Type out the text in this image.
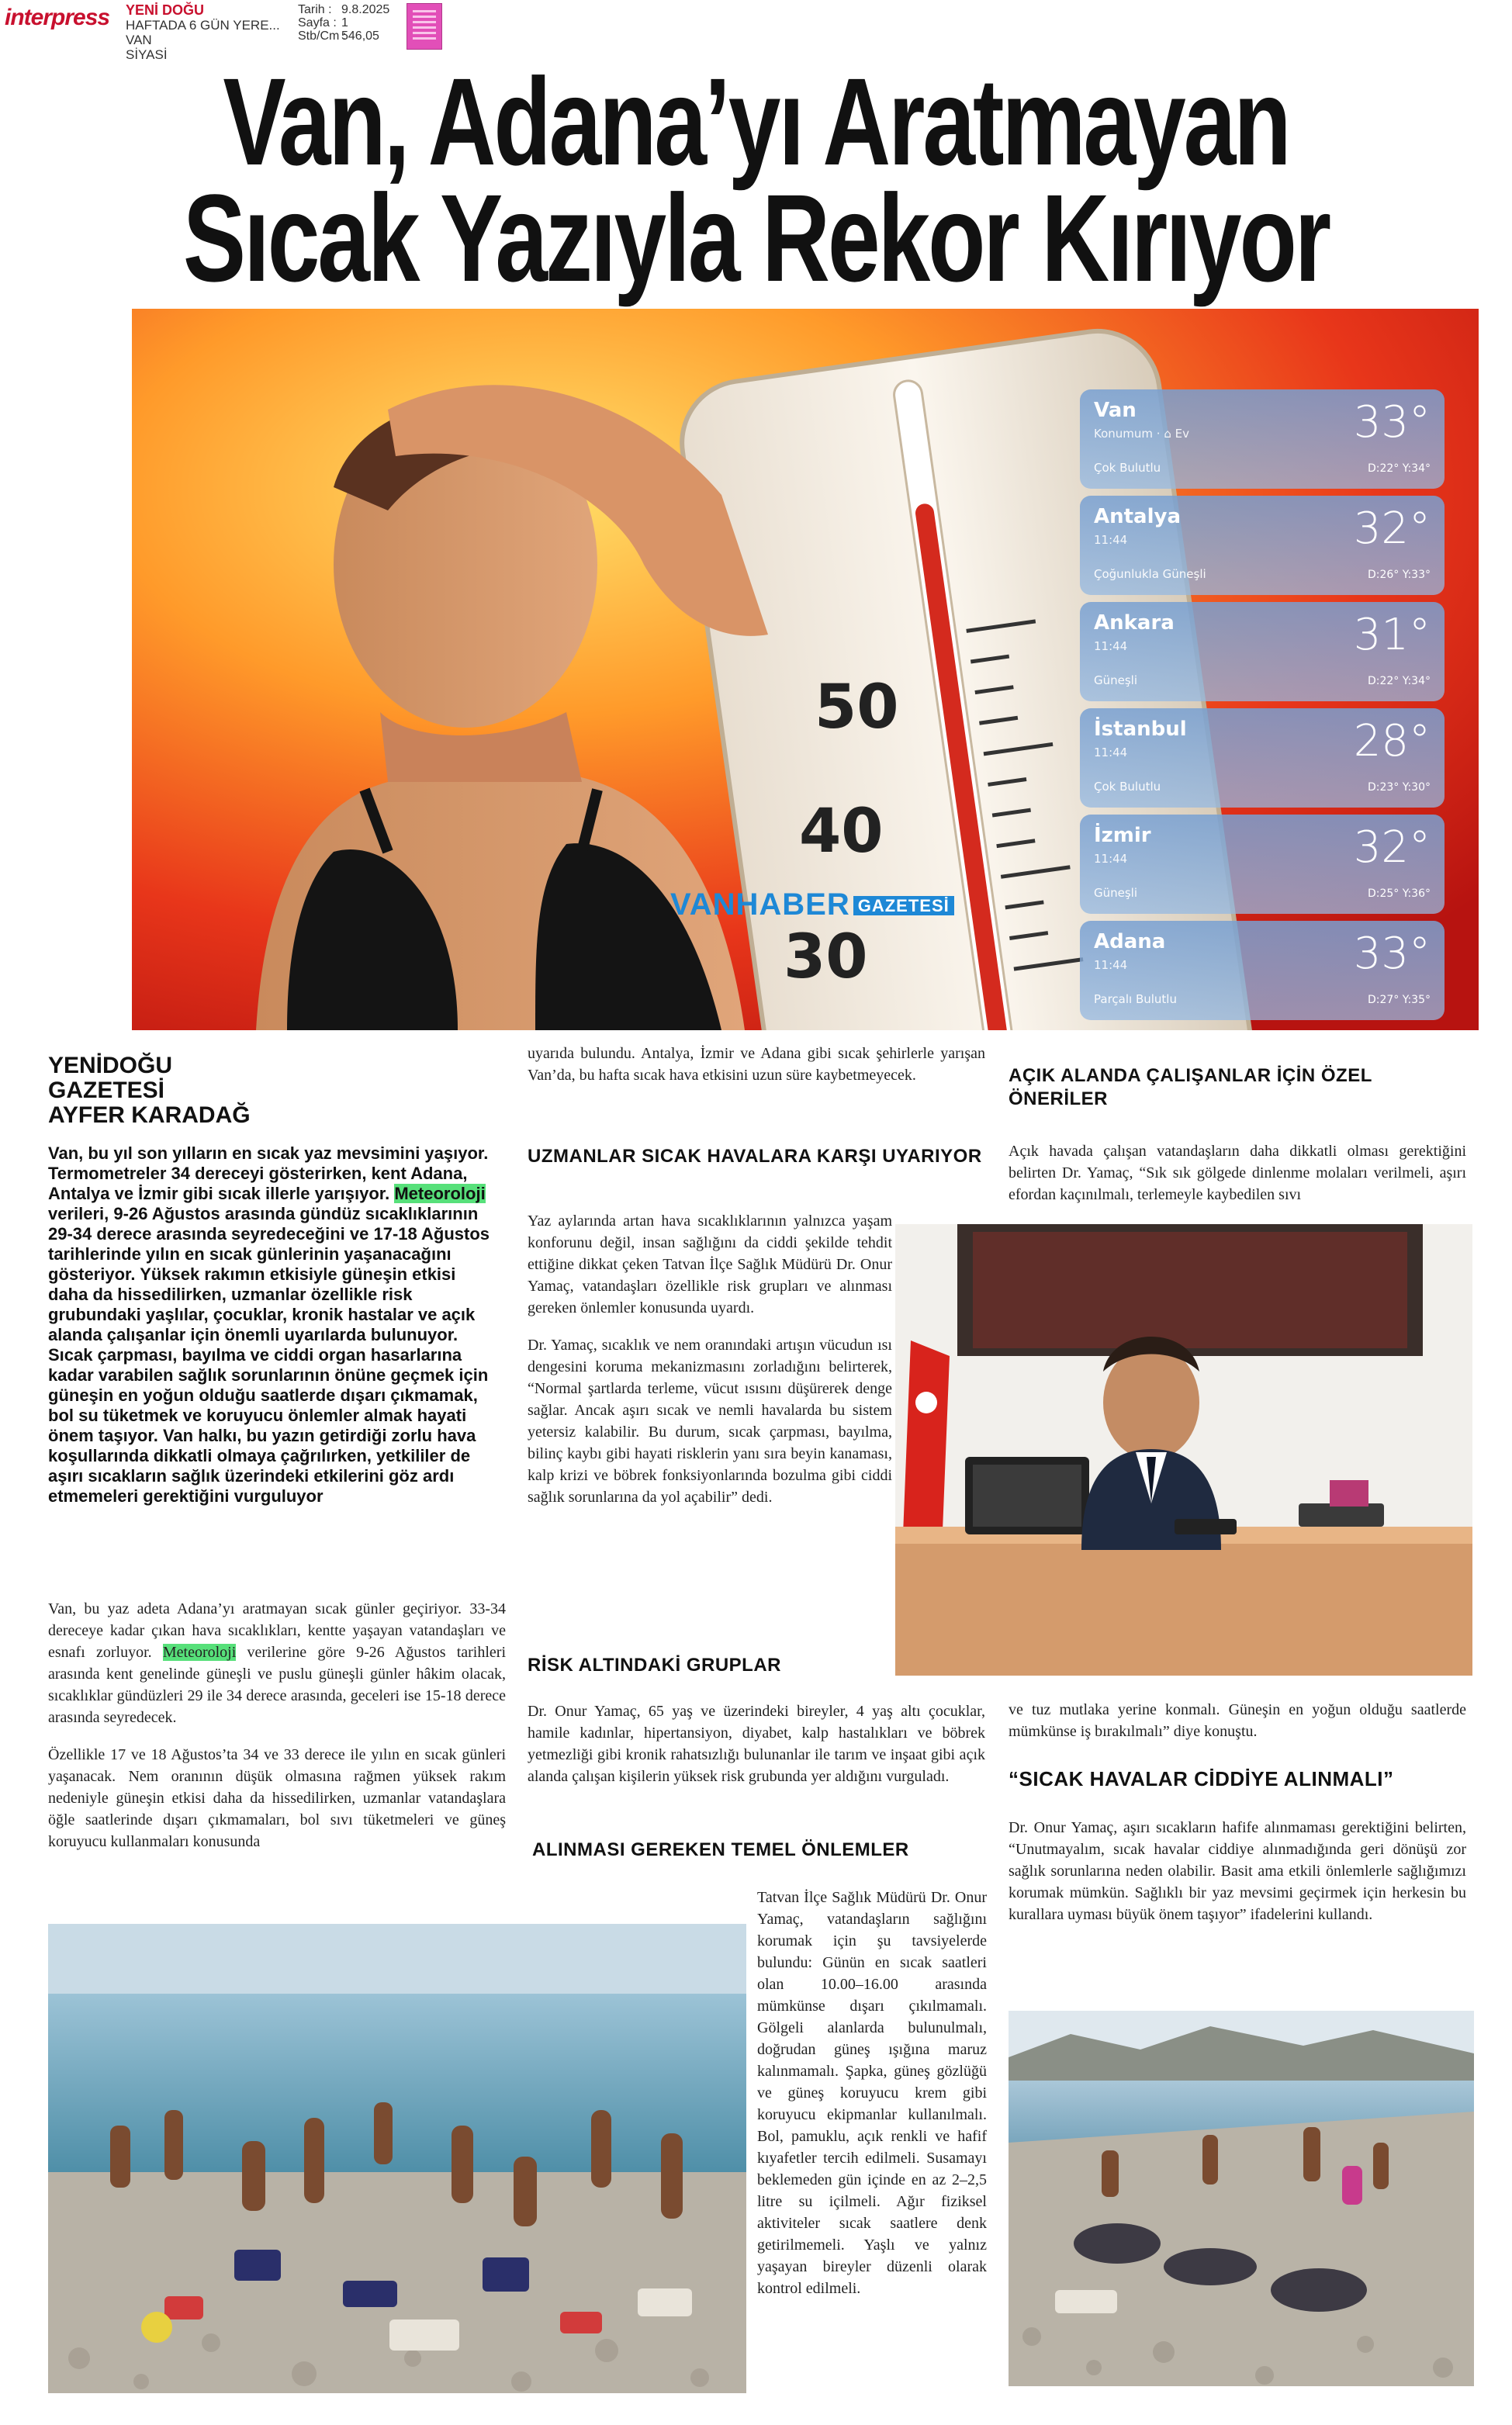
interpress YENİ DOĞU
HAFTADA 6 GÜN YERE...
VAN
SİYASİ
Tarih : 9.8.2025
Sayfa : 1
Stb/Cm :546,05
Van, Adana’yı Aratmayan
Sıcak Yazıyla Rekor Kırıyor
50
40
30
VANHABER GAZETESİ
Van
Konumum · ⌂ Ev
Çok Bulutlu
33°
D:22° Y:34°
Antalya
11:44
Çoğunlukla Güneşli
32°
D:26° Y:33°
Ankara
11:44
Güneşli
31°
D:22° Y:34°
İstanbul
11:44
Çok Bulutlu
28°
D:23° Y:30°
İzmir
11:44
Güneşli
32°
D:25° Y:36°
Adana
11:44
Parçalı Bulutlu
33°
D:27° Y:35°
YENİDOĞU
GAZETESİ
AYFER KARADAĞ
Van, bu yıl son yılların en sıcak yaz mevsimini yaşıyor. Termometreler 34 dereceyi gösterirken, kent Adana, Antalya ve İzmir gibi sıcak illerle yarışıyor. Meteoroloji verileri, 9-26 Ağustos arasında gündüz sıcaklıklarının 29-34 derece arasında seyredeceğini ve 17-18 Ağustos tarihlerinde yılın en sıcak günlerinin yaşanacağını gösteriyor. Yüksek rakımın etkisiyle güneşin etkisi daha da hissedilirken, uzmanlar özellikle risk grubundaki yaşlılar, çocuklar, kronik hastalar ve açık alanda çalışanlar için önemli uyarılarda bulunuyor. Sıcak çarpması, bayılma ve ciddi organ hasarlarına kadar varabilen sağlık sorunlarının önüne geçmek için güneşin en yoğun olduğu saatlerde dışarı çıkmamak, bol su tüketmek ve koruyucu önlemler almak hayati önem taşıyor. Van halkı, bu yazın getirdiği zorlu hava koşullarında dikkatli olmaya çağrılırken, yetkililer de aşırı sıcakların sağlık üzerindeki etkilerini göz ardı etmemeleri gerektiğini vurguluyor

Van, bu yaz adeta Adana’yı aratmayan sıcak günler geçiriyor. 33-34 dereceye kadar çıkan hava sıcaklıkları, kentte yaşayan vatandaşları ve esnafı zorluyor. Meteoroloji verilerine göre 9-26 Ağustos tarihleri arasında kent genelinde güneşli ve puslu güneşli günler hâkim olacak, sıcaklıklar gündüzleri 29 ile 34 derece arasında, geceleri ise 15-18 derece arasında seyredecek.

Özellikle 17 ve 18 Ağustos’ta 34 ve 33 derece ile yılın en sıcak günleri yaşanacak. Nem oranının düşük olmasına rağmen yüksek rakım nedeniyle güneşin etkisi daha da hissedilirken, uzmanlar vatandaşlara öğle saatlerinde dışarı çıkmamaları, bol sıvı tüketmeleri ve güneş koruyucu kullanmaları konusunda

uyarıda bulundu. Antalya, İzmir ve Adana gibi sıcak şehirlerle yarışan Van’da, bu hafta sıcak hava etkisini uzun süre kaybetmeyecek.

UZMANLAR SICAK HAVALARA KARŞI UYARIYOR

Yaz aylarında artan hava sıcaklıklarının yalnızca yaşam konforunu değil, insan sağlığını da ciddi şekilde tehdit ettiğine dikkat çeken Tatvan İlçe Sağlık Müdürü Dr. Onur Yamaç, vatandaşları özellikle risk grupları ve alınması gereken önlemler konusunda uyardı.

Dr. Yamaç, sıcaklık ve nem oranındaki artışın vücudun ısı dengesini koruma mekanizmasını zorladığını belirterek, “Normal şartlarda terleme, vücut ısısını düşürerek denge sağlar. Ancak aşırı sıcak ve nemli havalarda bu sistem yetersiz kalabilir. Bu durum, sıcak çarpması, bayılma, bilinç kaybı gibi hayati risklerin yanı sıra beyin kanaması, kalp krizi ve böbrek fonksiyonlarında bozulma gibi ciddi sağlık sorunlarına da yol açabilir” dedi.

RİSK ALTINDAKİ GRUPLAR

Dr. Onur Yamaç, 65 yaş ve üzerindeki bireyler, 4 yaş altı çocuklar, hamile kadınlar, hipertansiyon, diyabet, kalp hastalıkları ve böbrek yetmezliği gibi kronik rahatsızlığı bulunanlar ile tarım ve inşaat gibi açık alanda çalışan kişilerin yüksek risk grubunda yer aldığını vurguladı.

ALINMASI GEREKEN TEMEL ÖNLEMLER

Tatvan İlçe Sağlık Müdürü Dr. Onur Yamaç, vatandaşların sağlığını korumak için şu tavsiyelerde bulundu: Günün en sıcak saatleri olan 10.00–16.00 arasında mümkünse dışarı çıkılmamalı. Gölgeli alanlarda bulunulmalı, doğrudan güneş ışığına maruz kalınmamalı. Şapka, güneş gözlüğü ve güneş koruyucu krem gibi koruyucu ekipmanlar kullanılmalı. Bol, pamuklu, açık renkli ve hafif kıyafetler tercih edilmeli. Susamayı beklemeden gün içinde en az 2–2,5 litre su içilmeli. Ağır fiziksel aktiviteler sıcak saatlere denk getirilmemeli. Yaşlı ve yalnız yaşayan bireyler düzenli olarak kontrol edilmeli.

AÇIK ALANDA ÇALIŞANLAR İÇİN ÖZEL ÖNERİLER

Açık havada çalışan vatandaşların daha dikkatli olması gerektiğini belirten Dr. Yamaç, “Sık sık gölgede dinlenme molaları verilmeli, aşırı efordan kaçınılmalı, terlemeyle kaybedilen sıvı

ve tuz mutlaka yerine konmalı. Güneşin en yoğun olduğu saatlerde mümkünse iş bırakılmalı” diye konuştu.

“SICAK HAVALAR CİDDİYE ALINMALI”

Dr. Onur Yamaç, aşırı sıcakların hafife alınmaması gerektiğini belirten, “Unutmayalım, sıcak havalar ciddiye alınmadığında geri dönüşü zor sağlık sorunlarına neden olabilir. Basit ama etkili önlemlerle sağlığımızı korumak mümkün. Sağlıklı bir yaz mevsimi geçirmek için herkesin bu kurallara uyması büyük önem taşıyor” ifadelerini kullandı.
